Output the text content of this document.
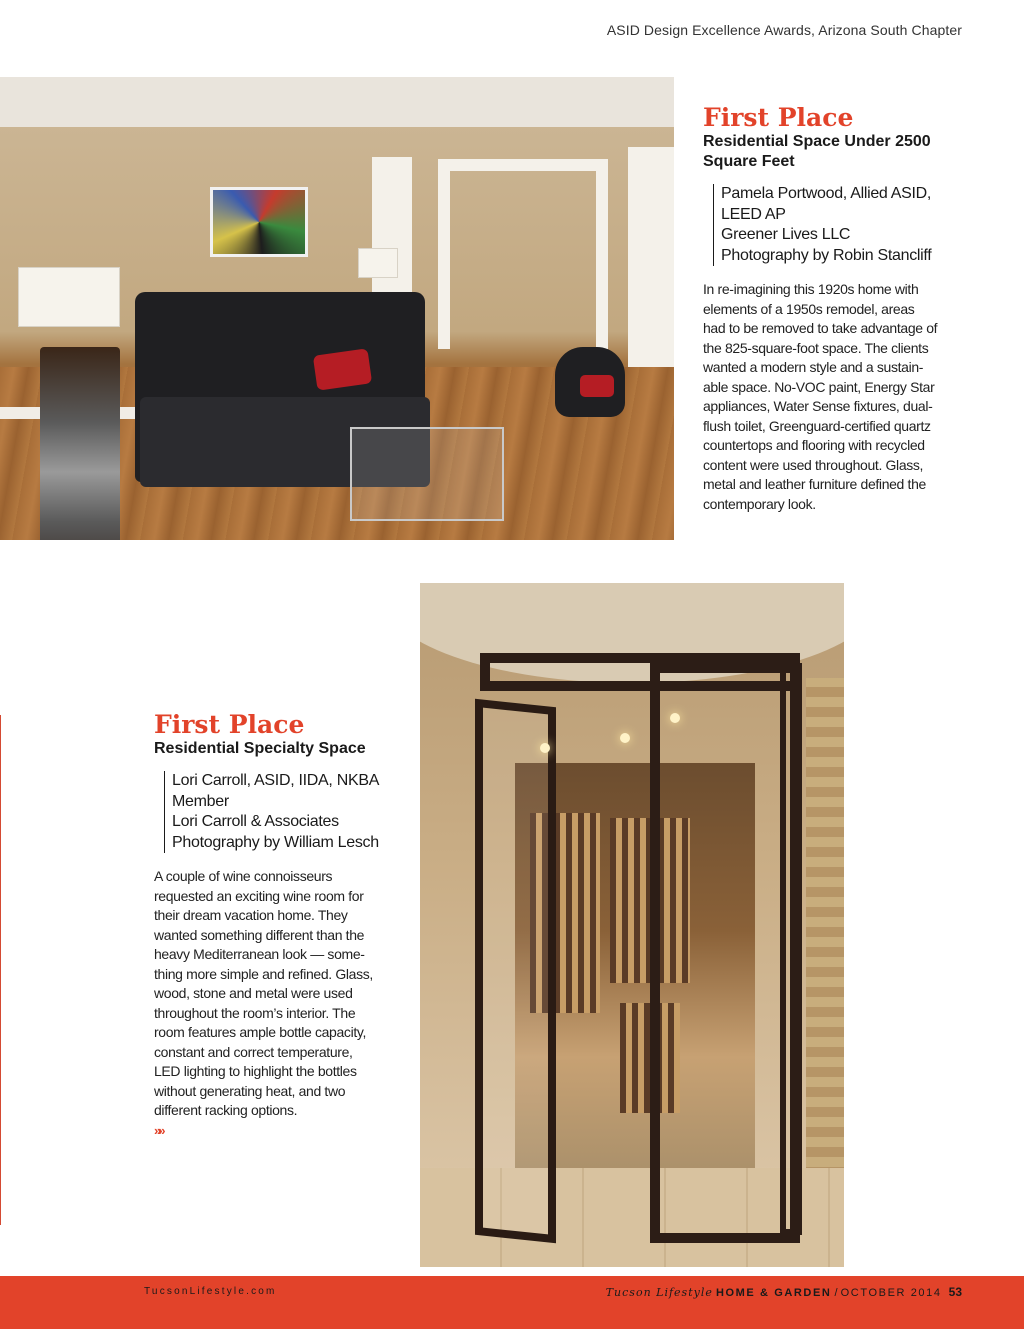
ASID Design Excellence Awards, Arizona South Chapter
First Place

Residential Space Under 2500
Square Feet

Pamela Portwood, Allied ASID,
LEED AP
Greener Lives LLC
Photography by Robin Stancliff
In re-imagining this 1920s home with
elements of a 1950s remodel, areas
had to be removed to take advantage of
the 825-square-foot space. The clients
wanted a modern style and a sustain-
able space. No-VOC paint, Energy Star
appliances, Water Sense fixtures, dual-
flush toilet, Greenguard-certified quartz
countertops and flooring with recycled
content were used throughout. Glass,
metal and leather furniture defined the
contemporary look.
First Place

Residential Specialty Space

Lori Carroll, ASID, IIDA, NKBA
Member
Lori Carroll & Associates
Photography by William Lesch
A couple of wine connoisseurs
requested an exciting wine room for
their dream vacation home. They
wanted something different than the
heavy Mediterranean look — some-
thing more simple and refined. Glass,
wood, stone and metal were used
throughout the room’s interior. The
room features ample bottle capacity,
constant and correct temperature,
LED lighting to highlight the bottles
without generating heat, and two
different racking options.
»»
TucsonLifestyle.com	Tucson Lifestyle HOME & GARDEN / OCTOBER 2014 53
